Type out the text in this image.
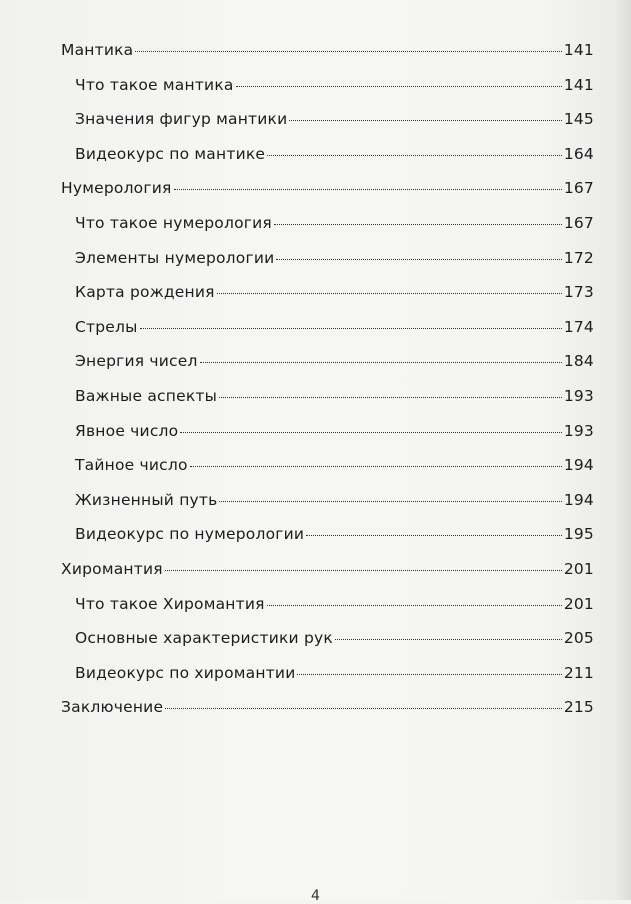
Мантика	141
Что такое мантика	141
Значения фигур мантики	145
Видеокурс по мантике	164
Нумерология	167
Что такое нумерология	167
Элементы нумерологии	172
Карта рождения	173
Стрелы	174
Энергия чисел	184
Важные аспекты	193
Явное число	193
Тайное число	194
Жизненный путь	194
Видеокурс по нумерологии	195
Хиромантия	201
Что такое Хиромантия	201
Основные характеристики рук	205
Видеокурс по хиромантии	211
Заключение	215
4
